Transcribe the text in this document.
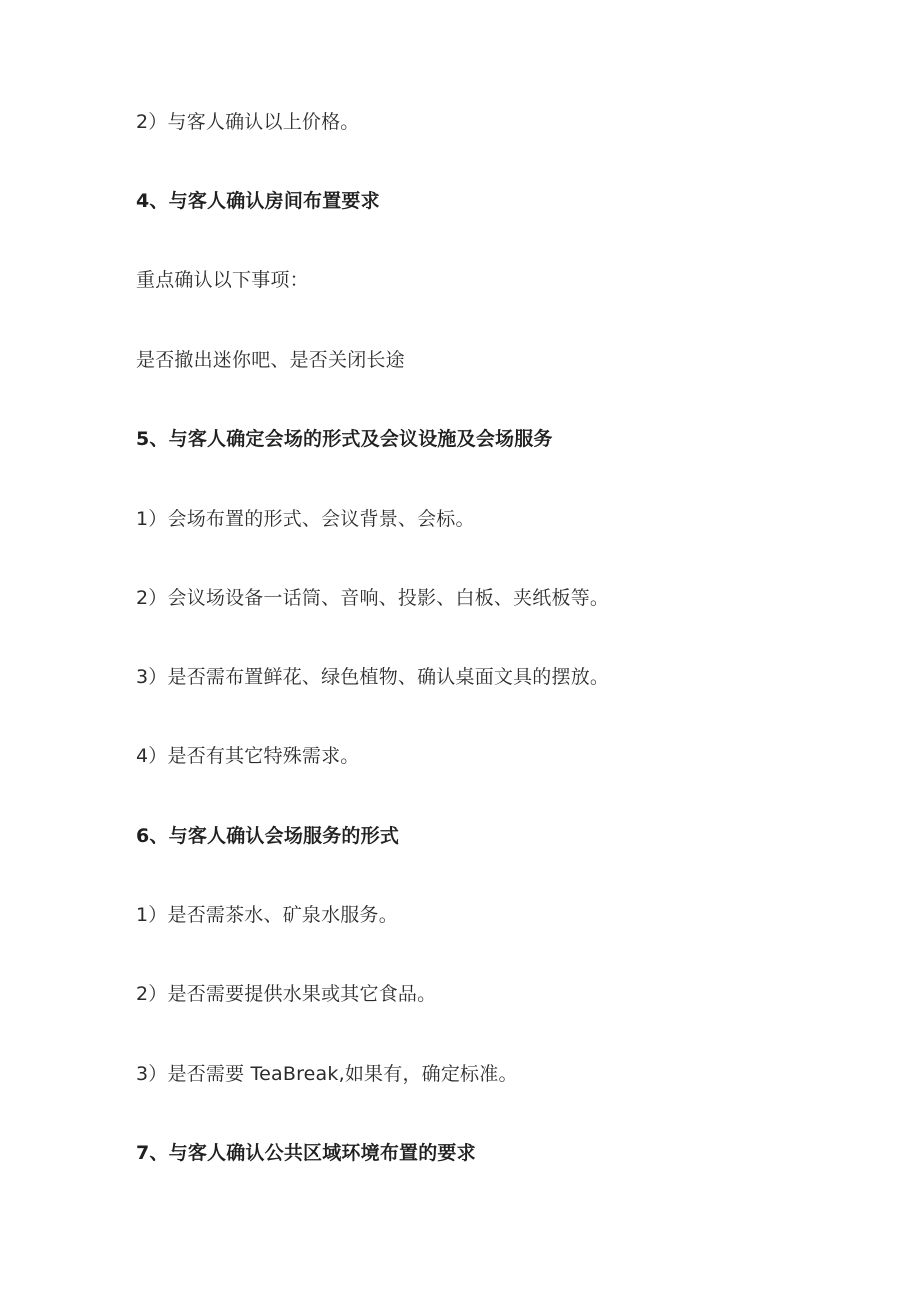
2）与客人确认以上价格。

4、与客人确认房间布置要求

重点确认以下事项：

是否撤出迷你吧、是否关闭长途

5、与客人确定会场的形式及会议设施及会场服务

1）会场布置的形式、会议背景、会标。

2）会议场设备一话筒、音响、投影、白板、夹纸板等。

3）是否需布置鲜花、绿色植物、确认桌面文具的摆放。

4）是否有其它特殊需求。

6、与客人确认会场服务的形式

1）是否需茶水、矿泉水服务。

2）是否需要提供水果或其它食品。

3）是否需要 TeaBreak,如果有，确定标准。

7、与客人确认公共区域环境布置的要求
